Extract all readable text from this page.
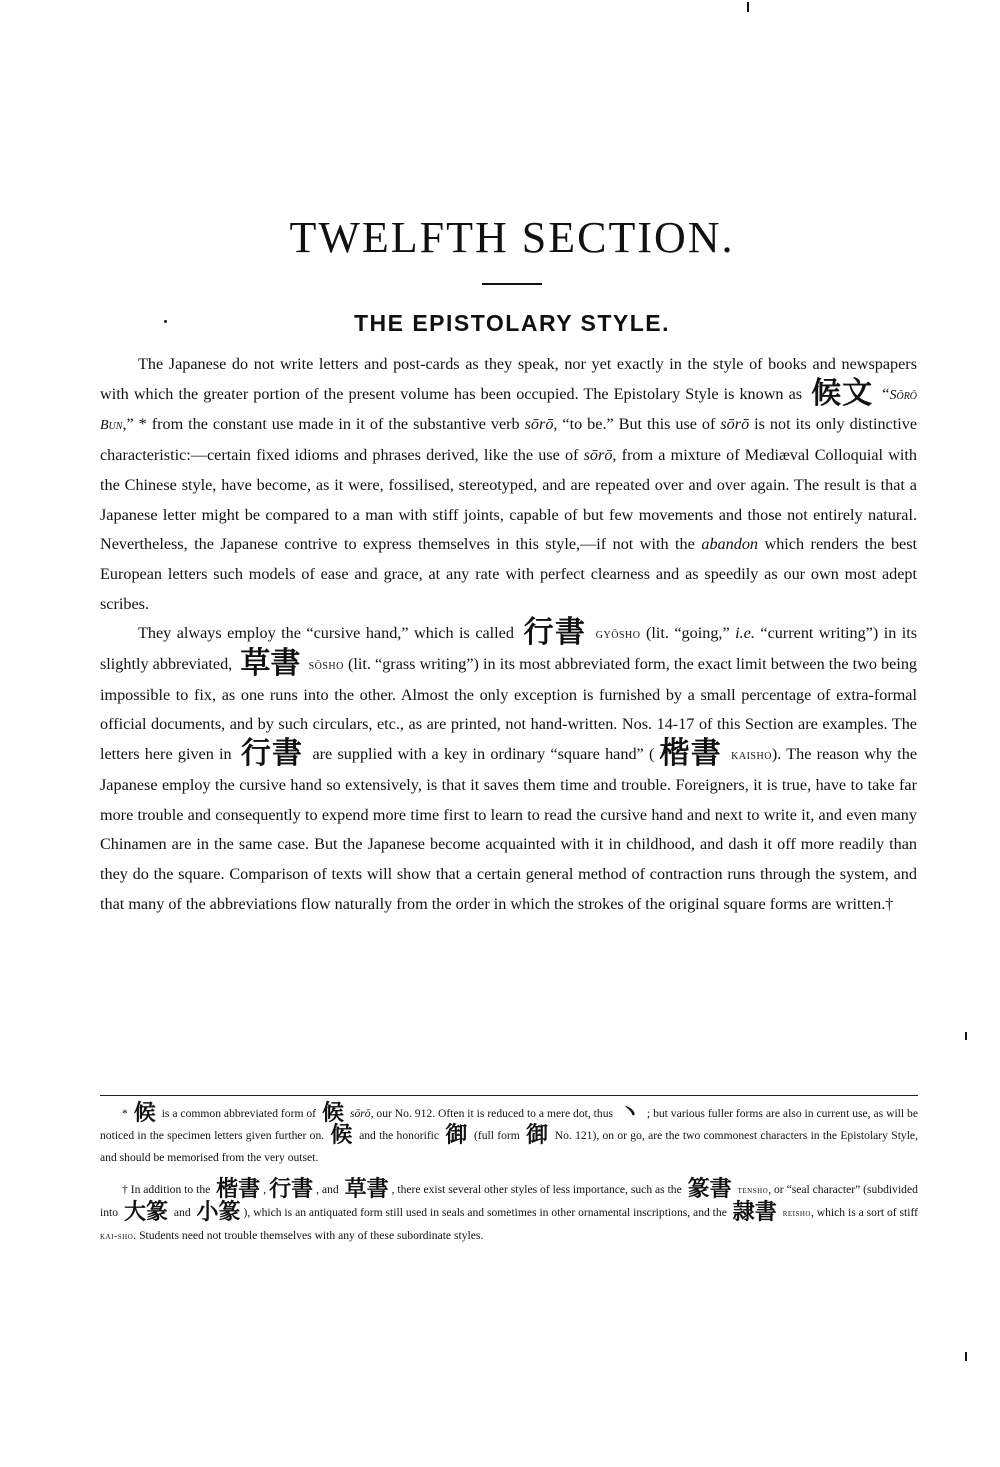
TWELFTH SECTION.
THE EPISTOLARY STYLE.

The Japanese do not write letters and post-cards as they speak, nor yet exactly in the style of books and newspapers with which the greater portion of the present volume has been occupied. The Epistolary Style is known as 候文 “Sōrō Bun,” * from the constant use made in it of the substantive verb sōrō, “to be.” But this use of sōrō is not its only distinctive characteristic:—certain fixed idioms and phrases derived, like the use of sōrō, from a mixture of Mediæval Colloquial with the Chinese style, have become, as it were, fossilised, stereotyped, and are repeated over and over again. The result is that a Japanese letter might be compared to a man with stiff joints, capable of but few movements and those not entirely natural. Nevertheless, the Japanese contrive to express themselves in this style,—if not with the abandon which renders the best European letters such models of ease and grace, at any rate with perfect clearness and as speedily as our own most adept scribes.

They always employ the “cursive hand,” which is called 行書 gyōsho (lit. “going,” i.e. “current writing”) in its slightly abbreviated, 草書 sōsho (lit. “grass writing”) in its most abbreviated form, the exact limit between the two being impossible to fix, as one runs into the other. Almost the only exception is furnished by a small percentage of extra-formal official documents, and by such circulars, etc., as are printed, not hand-written. Nos. 14-17 of this Section are examples. The letters here given in 行書 are supplied with a key in ordinary “square hand” ( 楷書 kaisho). The reason why the Japanese employ the cursive hand so extensively, is that it saves them time and trouble. Foreigners, it is true, have to take far more trouble and consequently to expend more time first to learn to read the cursive hand and next to write it, and even many Chinamen are in the same case. But the Japanese become acquainted with it in childhood, and dash it off more readily than they do the square. Comparison of texts will show that a certain general method of contraction runs through the system, and that many of the abbreviations flow naturally from the order in which the strokes of the original square forms are written.†

* 候 is a common abbreviated form of 候 sōrō, our No. 912. Often it is reduced to a mere dot, thus 丶 ; but various fuller forms are also in current use, as will be noticed in the specimen letters given further on. 候 and the honorific 御 (full form 御 No. 121), on or go, are the two commonest characters in the Epistolary Style, and should be memorised from the very outset.

† In addition to the 楷書 , 行書 , and 草書 , there exist several other styles of less importance, such as the 篆書 tensho, or “seal character” (subdivided into 大篆 and 小篆 ), which is an antiquated form still used in seals and sometimes in other ornamental inscriptions, and the 隷書 reisho, which is a sort of stiff kai-sho. Students need not trouble themselves with any of these subordinate styles.
